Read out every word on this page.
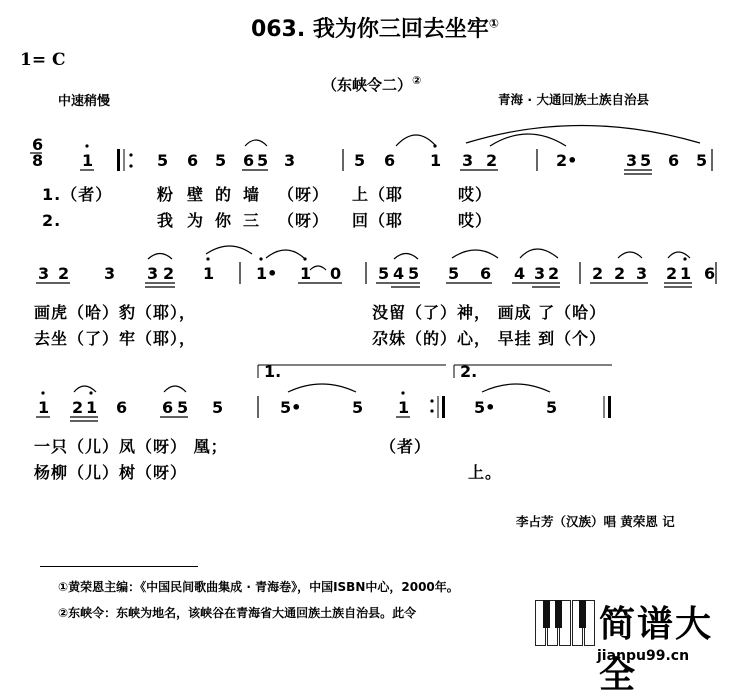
063. 我为你三回去坐牢①
1= C
（东峡令二）②
中速稍慢	青海 · 大通回族土族自治县
6
8 1	5 6 5 6 5 3	5 6 1 3 2	2•	3 5 6 5
3 2 3 3 2 1	1• 1 0 5 4 5 5 6 4 3 2 2 2 3 2 1 6
1 2 1 6 6 5 5
1.
5•	5 1
2.
5•	5
1.（者）	粉 壁 的 墙 （呀） 上（耶	哎）
2.	我 为 你 三 （呀） 回（耶	哎）
画虎（哈）豹（耶），	没留（了）神， 画成 了（哈）
去坐（了）牢（耶），	尕妹（的）心， 早挂 到（个）
一只（儿）凤（呀） 凰；	（者）
杨柳（儿）树（呀）	上。
李占芳（汉族）唱 黄荣恩 记
①黄荣恩主编：《中国民间歌曲集成 · 青海卷》，中国ISBN中心，2000年。
②东峡令：东峡为地名，该峡谷在青海省大通回族土族自治县。此令	简谱大全
jianpu99.cn
